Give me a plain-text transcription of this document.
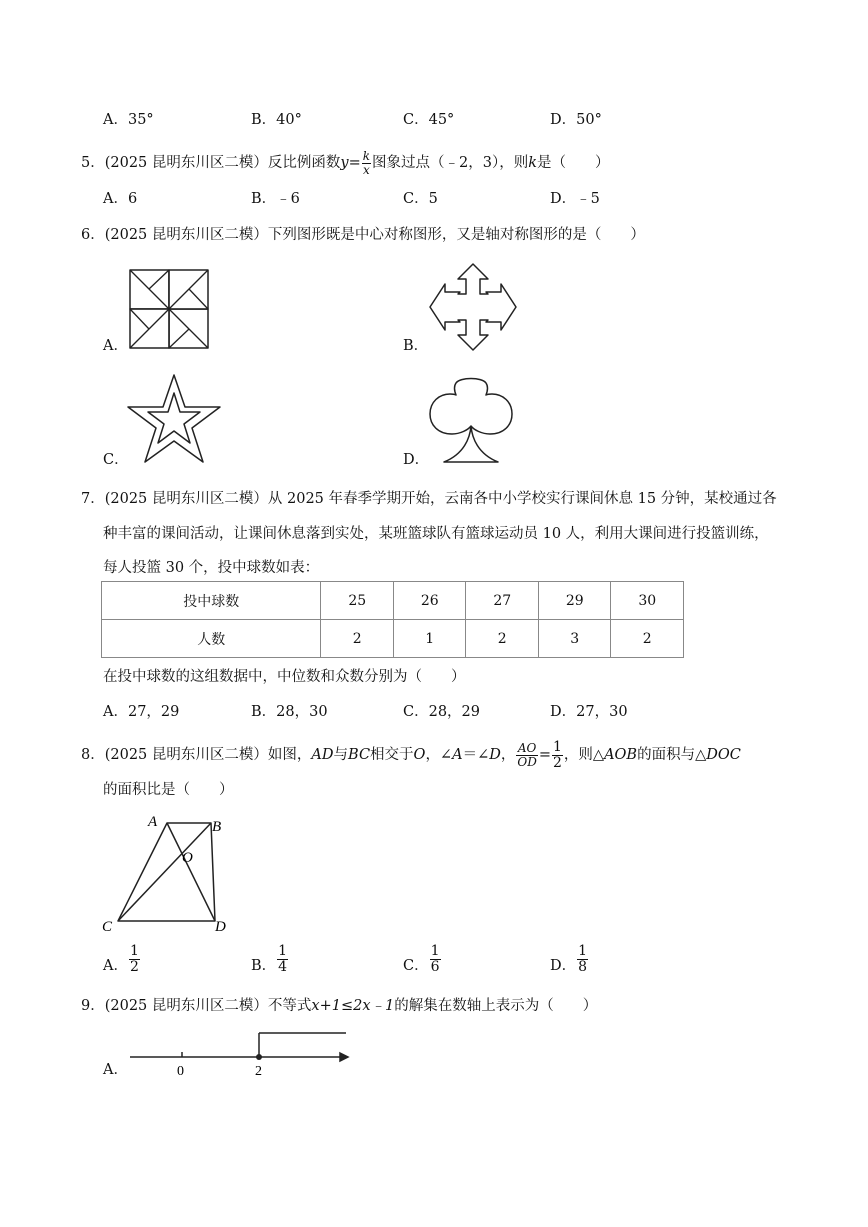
A．35°	B．40°	C．45°	D．50°
5．(2025 昆明东川区二模）反比例函数$y= \frac{k}{x}$ 图象过点（﹣2，3），则k是（　　）
A．6	B．﹣6	C．5	D．﹣5
6．(2025 昆明东川区二模）下列图形既是中心对称图形，又是轴对称图形的是（　　）
A．	B．
C．	D．
7．(2025 昆明东川区二模）从 2025 年春季学期开始，云南各中小学校实行课间休息 15 分钟，某校通过各
种丰富的课间活动，让课间休息落到实处，某班篮球队有篮球运动员 10 人，利用大课间进行投篮训练，
每人投篮 30 个，投中球数如表：
投中球数	25	26	27	29	30
人数	2	1	2	3	2
在投中球数的这组数据中，中位数和众数分别为（　　）
A．27，29	B．28，30	C．28，29	D．27，30
8．(2025 昆明东川区二模）如图，AD与BC相交于O，∠A＝∠D， $\frac{AO}{OD} = \frac{1}{2}$ ，则△AOB的面积与△DOC
的面积比是（　　）
A	B
O
C	D
A． $\frac{1}{2}$	B． $\frac{1}{4}$	C． $\frac{1}{6}$	D． $\frac{1}{8}$
9．(2025 昆明东川区二模）不等式x+1≤2x﹣1的解集在数轴上表示为（　　）
A．	0	2
